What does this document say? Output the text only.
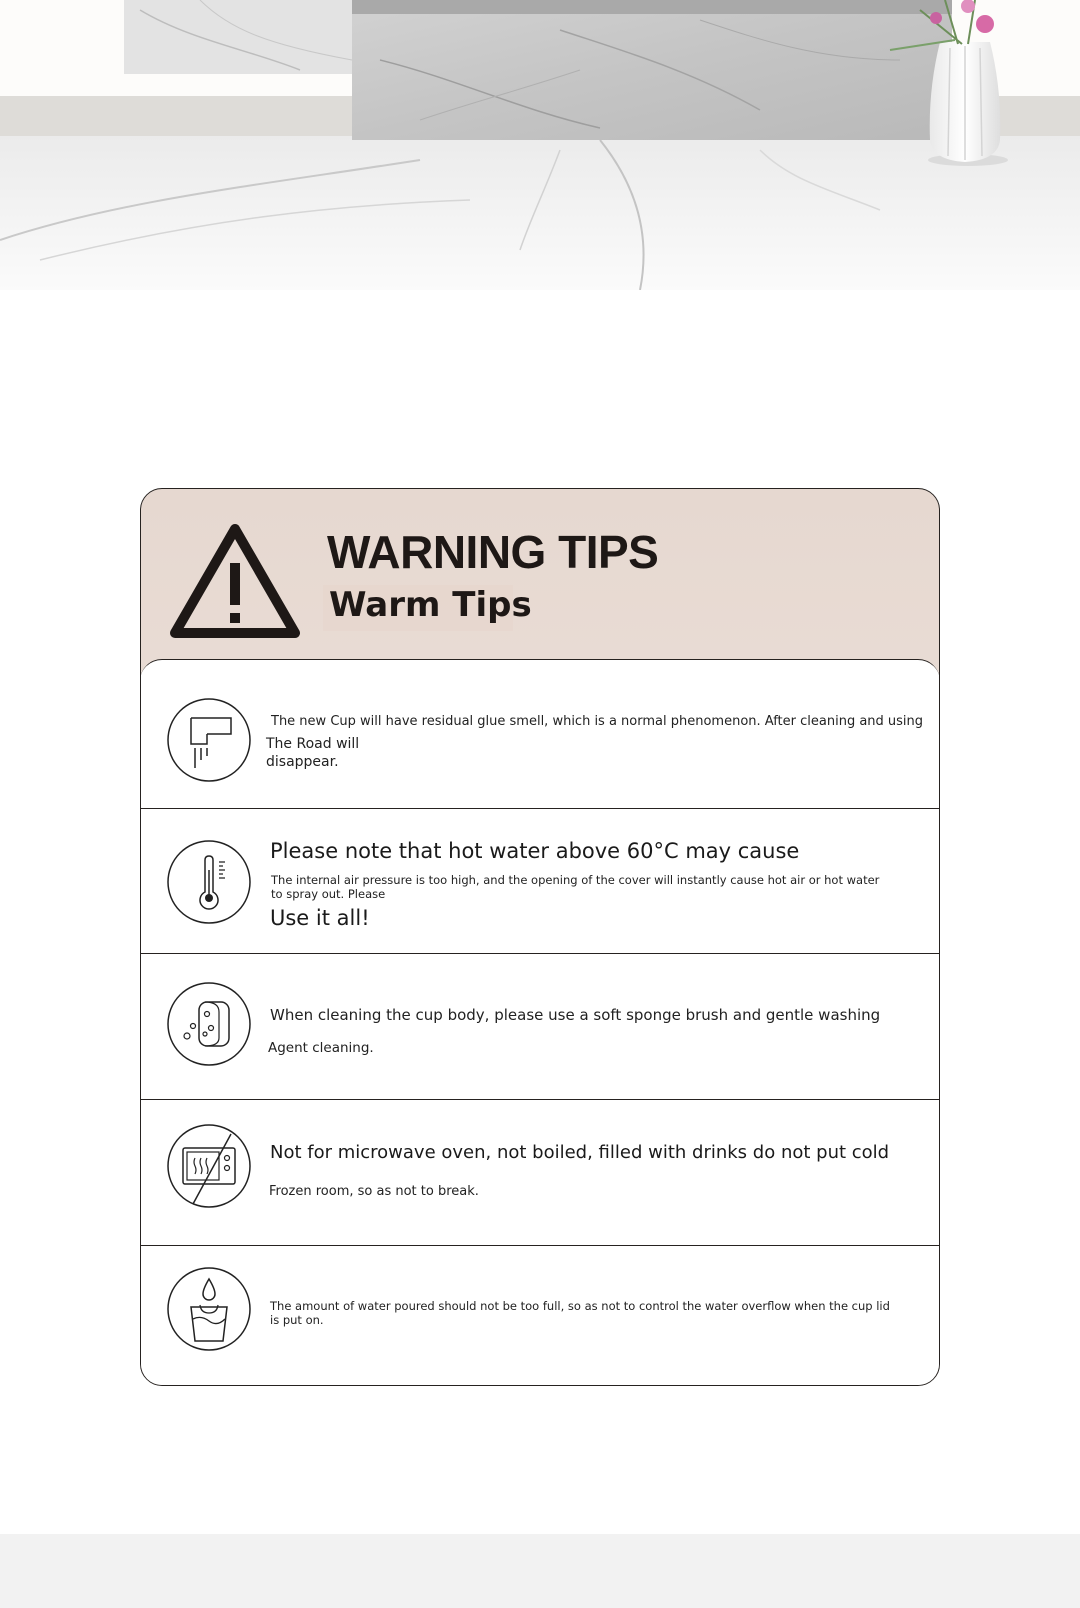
WARNING TIPS
Warm Tips
The new Cup will have residual glue smell, which is a normal phenomenon. After cleaning and using
The Road will
disappear.
Please note that hot water above 60°C may cause
The internal air pressure is too high, and the opening of the cover will instantly cause hot air or hot water
to spray out. Please
Use it all!
When cleaning the cup body, please use a soft sponge brush and gentle washing
Agent cleaning.
Not for microwave oven, not boiled, filled with drinks do not put cold
Frozen room, so as not to break.
The amount of water poured should not be too full, so as not to control the water overflow when the cup lid
is put on.
